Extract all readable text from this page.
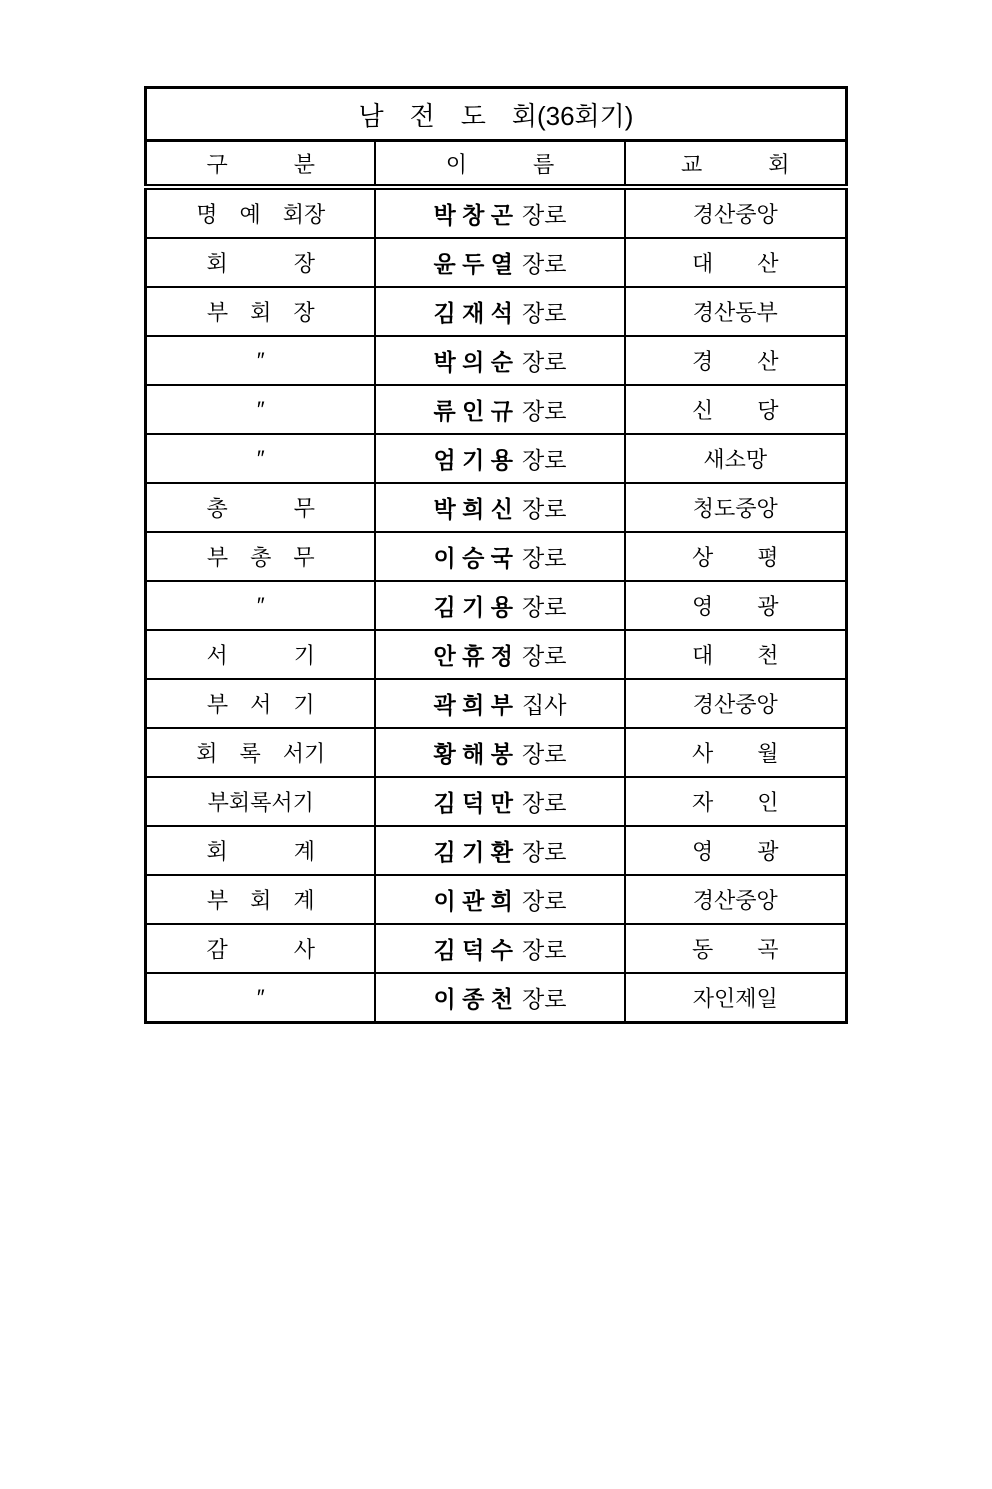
남　전　도　회(36회기)		
구　　　분	이　　　름	교　　　회
명　예　회장	박 창 곤 장로	경산중앙
회　　　장	윤 두 열 장로	대　　산
부　회　장	김 재 석 장로	경산동부
″	박 의 순 장로	경　　산
″	류 인 규 장로	신　　당
″	엄 기 용 장로	새소망
총　　　무	박 희 신 장로	청도중앙
부　총　무	이 승 국 장로	상　　평
″	김 기 용 장로	영　　광
서　　　기	안 휴 정 장로	대　　천
부　서　기	곽 희 부 집사	경산중앙
회　록　서기	황 해 봉 장로	사　　월
부회록서기	김 덕 만 장로	자　　인
회　　　계	김 기 환 장로	영　　광
부　회　계	이 관 희 장로	경산중앙
감　　　사	김 덕 수 장로	동　　곡
″	이 종 천 장로	자인제일
